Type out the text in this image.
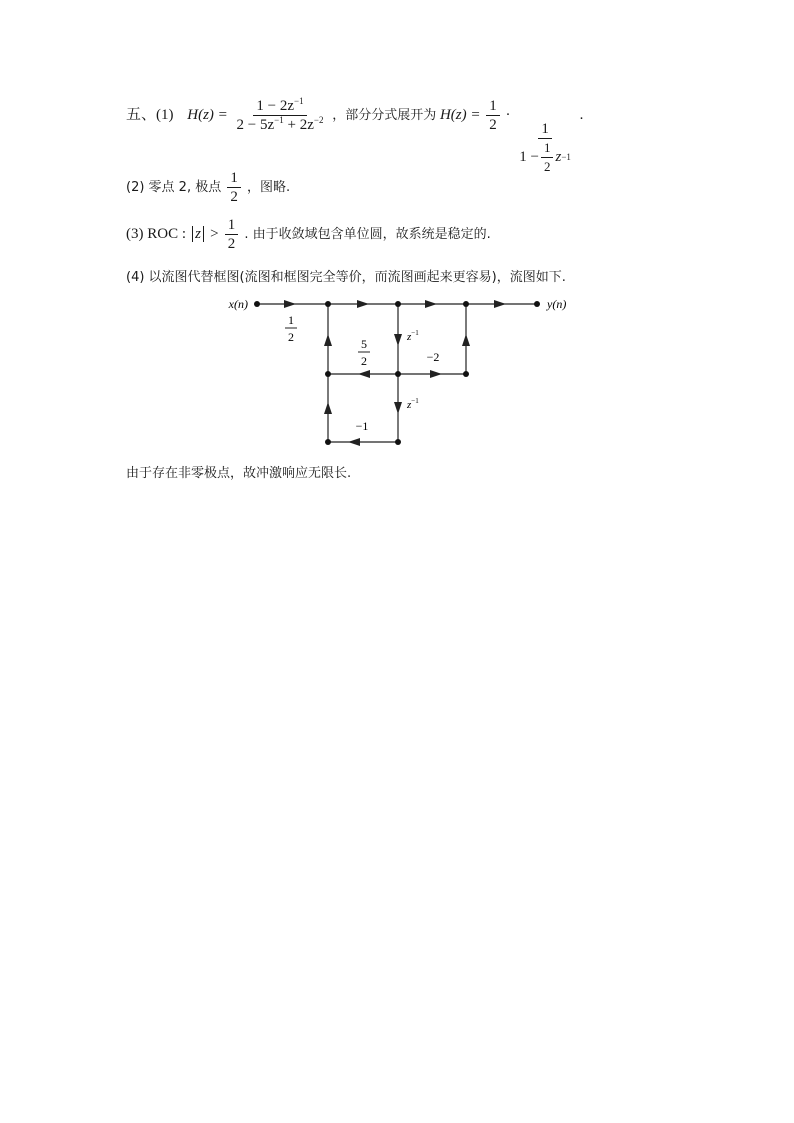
五、(1) $H(z) = \frac{1 - 2z^{-1}}{2 - 5z^{-1} + 2z^{-2}}$ ，部分分式展开为 $H(z) = \frac{1}{2}$ ·
$\frac{1}{1 - \frac{1}{2} z -1}$
.
(2) 零点 2, 极点 $\frac{1}{2}$ ，图略.
(3) ROC : $z > \frac{1}{2}$ . 由于收敛域包含单位圆，故系统是稳定的.
(4) 以流图代替框图(流图和框图完全等价，而流图画起来更容易)，流图如下.
x(n)	y(n)
1
2	5
2
$z^{-1}$
$z^{-1}$
−2
−1
由于存在非零极点，故冲激响应无限长.
